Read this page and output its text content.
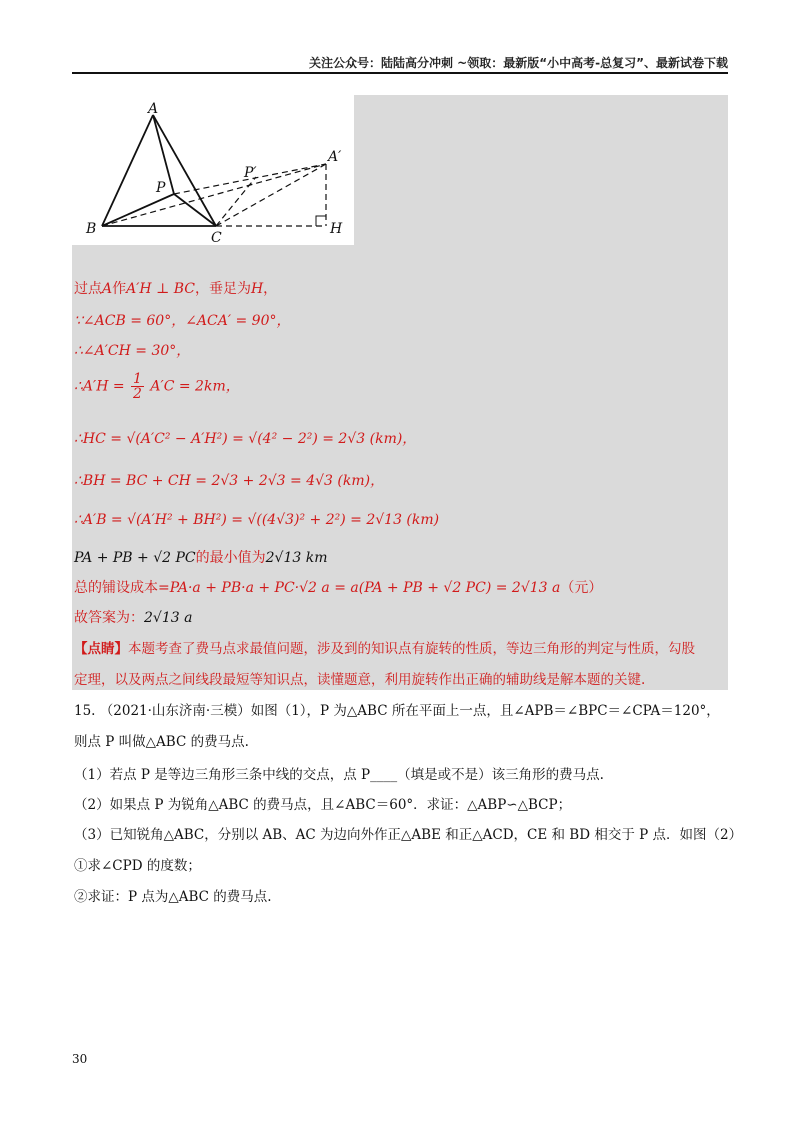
关注公众号：陆陆高分冲刺 ~领取：最新版“小中高考-总复习”、最新试卷下载
A
A′
P
P′
B
C
H
过点A作A′H ⊥ BC，垂足为H，
∵∠ACB = 60°，∠ACA′ = 90°，
∴∠A′CH = 30°，
∴A′H = $\frac{1}{2} A'C = 2km$，
∴HC = √(A′C² − A′H²) = √(4² − 2²) = 2√3 (km)，
∴BH = BC + CH = 2√3 + 2√3 = 4√3 (km)，
∴A′B = √(A′H² + BH²) = √((4√3)² + 2²) = 2√13 (km)
PA + PB + √2 PC的最小值为2√13 km
总的铺设成本=PA·a + PB·a + PC·√2 a = a(PA + PB + √2 PC) = 2√13 a（元）
故答案为：2√13 a
【点睛】本题考查了费马点求最值问题，涉及到的知识点有旋转的性质，等边三角形的判定与性质，勾股
定理，以及两点之间线段最短等知识点，读懂题意，利用旋转作出正确的辅助线是解本题的关键.
15. （2021·山东济南·三模）如图（1），P 为△ABC 所在平面上一点，且∠APB＝∠BPC＝∠CPA＝120°，
则点 P 叫做△ABC 的费马点.
（1）若点 P 是等边三角形三条中线的交点，点 P____（填是或不是）该三角形的费马点.
（2）如果点 P 为锐角△ABC 的费马点，且∠ABC＝60°．求证：△ABP∽△BCP；
（3）已知锐角△ABC，分别以 AB、AC 为边向外作正△ABE 和正△ACD，CE 和 BD 相交于 P 点．如图（2）
①求∠CPD 的度数；
②求证：P 点为△ABC 的费马点.
30
